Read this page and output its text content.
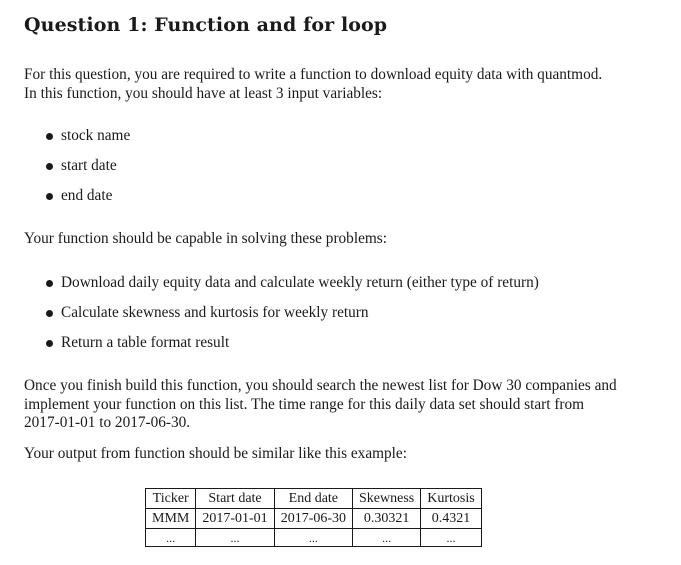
Question 1: Function and for loop
For this question, you are required to write a function to download equity data with quantmod.
In this function, you should have at least 3 input variables:
stock name
start date
end date
Your function should be capable in solving these problems:
Download daily equity data and calculate weekly return (either type of return)
Calculate skewness and kurtosis for weekly return
Return a table format result
Once you finish build this function, you should search the newest list for Dow 30 companies and
implement your function on this list. The time range for this daily data set should start from
2017-01-01 to 2017-06-30.
Your output from function should be similar like this example:
Ticker	Start date	End date	Skewness	Kurtosis
MMM	2017-01-01	2017-06-30	0.30321	0.4321
...	...	...	...	...
